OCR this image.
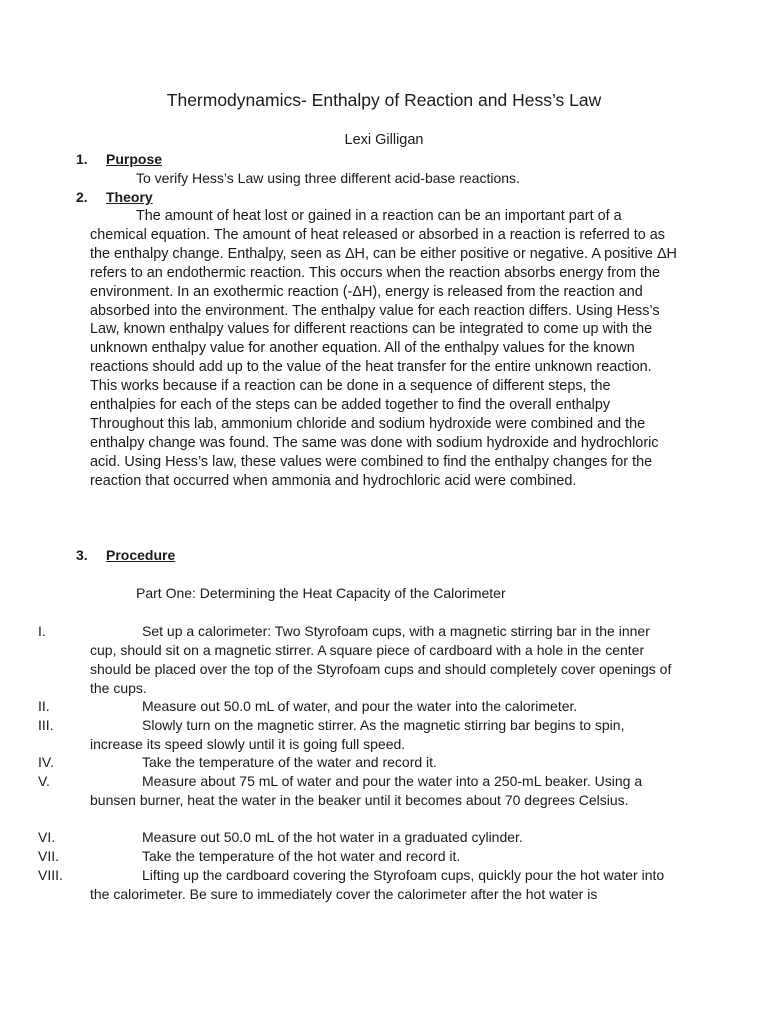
Thermodynamics- Enthalpy of Reaction and Hess’s Law
Lexi Gilligan
1. Purpose
To verify Hess’s Law using three different acid-base reactions.
2. Theory
The amount of heat lost or gained in a reaction can be an important part of a chemical equation. The amount of heat released or absorbed in a reaction is referred to as the enthalpy change. Enthalpy, seen as ΔH, can be either positive or negative. A positive ΔH refers to an endothermic reaction. This occurs when the reaction absorbs energy from the environment. In an exothermic reaction (-ΔH), energy is released from the reaction and absorbed into the environment. The enthalpy value for each reaction differs. Using Hess’s Law, known enthalpy values for different reactions can be integrated to come up with the unknown enthalpy value for another equation. All of the enthalpy values for the known reactions should add up to the value of the heat transfer for the entire unknown reaction. This works because if a reaction can be done in a sequence of different steps, the enthalpies for each of the steps can be added together to find the overall enthalpy Throughout this lab, ammonium chloride and sodium hydroxide were combined and the enthalpy change was found. The same was done with sodium hydroxide and hydrochloric acid. Using Hess’s law, these values were combined to find the enthalpy changes for the reaction that occurred when ammonia and hydrochloric acid were combined.
3. Procedure
Part One: Determining the Heat Capacity of the Calorimeter
I.	Set up a calorimeter: Two Styrofoam cups, with a magnetic stirring bar in the inner cup, should sit on a magnetic stirrer. A square piece of cardboard with a hole in the center should be placed over the top of the Styrofoam cups and should completely cover openings of the cups.
II.	Measure out 50.0 mL of water, and pour the water into the calorimeter.
III.	Slowly turn on the magnetic stirrer. As the magnetic stirring bar begins to spin, increase its speed slowly until it is going full speed.
IV.	Take the temperature of the water and record it.
V.	Measure about 75 mL of water and pour the water into a 250-mL beaker. Using a bunsen burner, heat the water in the beaker until it becomes about 70 degrees Celsius.
VI.	Measure out 50.0 mL of the hot water in a graduated cylinder.
VII.	Take the temperature of the hot water and record it.
VIII.	Lifting up the cardboard covering the Styrofoam cups, quickly pour the hot water into the calorimeter. Be sure to immediately cover the calorimeter after the hot water is
